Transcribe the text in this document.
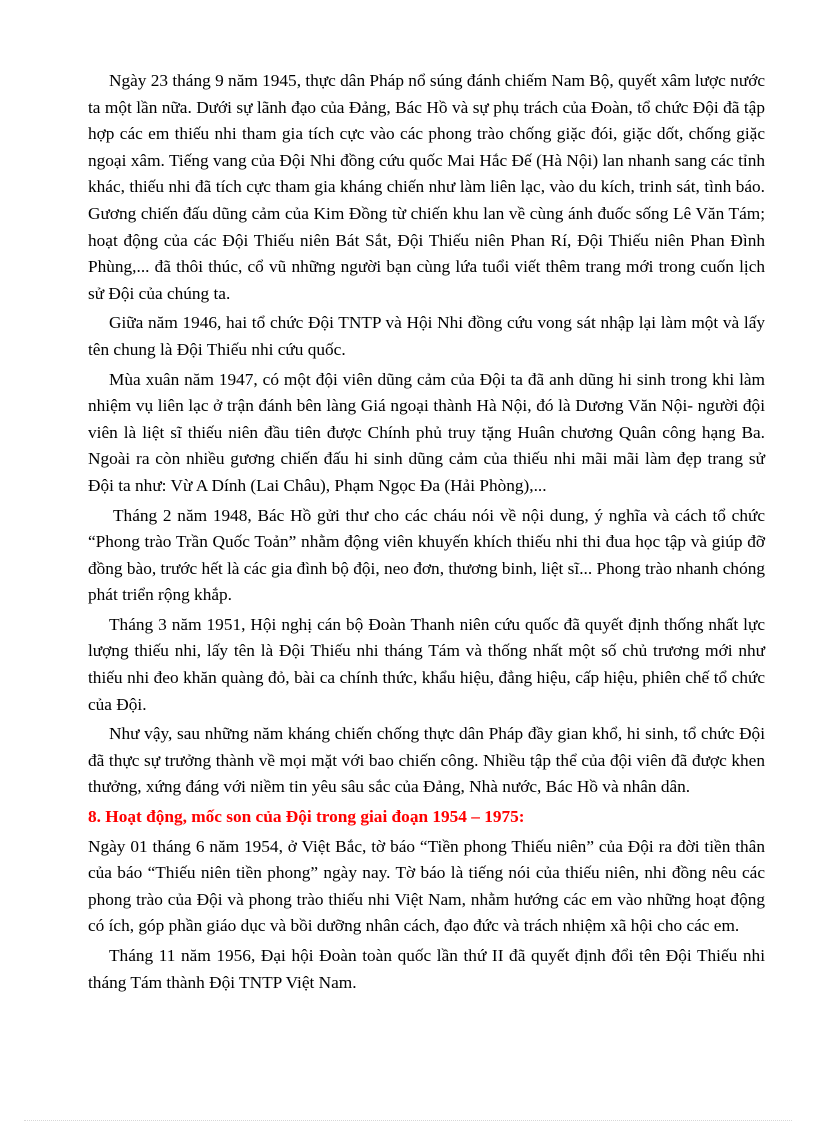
Ngày 23 tháng 9 năm 1945, thực dân Pháp nổ súng đánh chiếm Nam Bộ, quyết xâm lược nước ta một lần nữa. Dưới sự lãnh đạo của Đảng, Bác Hồ và sự phụ trách của Đoàn, tổ chức Đội đã tập hợp các em thiếu nhi tham gia tích cực vào các phong trào chống giặc đói, giặc dốt, chống giặc ngoại xâm. Tiếng vang của Đội Nhi đồng cứu quốc Mai Hắc Đế (Hà Nội) lan nhanh sang các tỉnh khác, thiếu nhi đã tích cực tham gia kháng chiến như làm liên lạc, vào du kích, trinh sát, tình báo. Gương chiến đấu dũng cảm của Kim Đồng từ chiến khu lan về cùng ánh đuốc sống Lê Văn Tám; hoạt động của các Đội Thiếu niên Bát Sắt, Đội Thiếu niên Phan Rí, Đội Thiếu niên Phan Đình Phùng,... đã thôi thúc, cổ vũ những người bạn cùng lứa tuổi viết thêm trang mới trong cuốn lịch sử Đội của chúng ta.

Giữa năm 1946, hai tổ chức Đội TNTP và Hội Nhi đồng cứu vong sát nhập lại làm một và lấy tên chung là Đội Thiếu nhi cứu quốc.

Mùa xuân năm 1947, có một đội viên dũng cảm của Đội ta đã anh dũng hi sinh trong khi làm nhiệm vụ liên lạc ở trận đánh bên làng Giá ngoại thành Hà Nội, đó là Dương Văn Nội- người đội viên là liệt sĩ thiếu niên đầu tiên được Chính phủ truy tặng Huân chương Quân công hạng Ba. Ngoài ra còn nhiều gương chiến đấu hi sinh dũng cảm của thiếu nhi mãi mãi làm đẹp trang sử Đội ta như: Vừ A Dính (Lai Châu), Phạm Ngọc Đa (Hải Phòng),...

Tháng 2 năm 1948, Bác Hồ gửi thư cho các cháu nói về nội dung, ý nghĩa và cách tổ chức “Phong trào Trần Quốc Toản” nhằm động viên khuyến khích thiếu nhi thi đua học tập và giúp đỡ đồng bào, trước hết là các gia đình bộ đội, neo đơn, thương binh, liệt sĩ... Phong trào nhanh chóng phát triển rộng khắp.

Tháng 3 năm 1951, Hội nghị cán bộ Đoàn Thanh niên cứu quốc đã quyết định thống nhất lực lượng thiếu nhi, lấy tên là Đội Thiếu nhi tháng Tám và thống nhất một số chủ trương mới như thiếu nhi đeo khăn quàng đỏ, bài ca chính thức, khẩu hiệu, đẳng hiệu, cấp hiệu, phiên chế tổ chức của Đội.

Như vậy, sau những năm kháng chiến chống thực dân Pháp đầy gian khổ, hi sinh, tổ chức Đội đã thực sự trưởng thành về mọi mặt với bao chiến công. Nhiều tập thể của đội viên đã được khen thưởng, xứng đáng với niềm tin yêu sâu sắc của Đảng, Nhà nước, Bác Hồ và nhân dân.

8. Hoạt động, mốc son của Đội trong giai đoạn 1954 – 1975:

Ngày 01 tháng 6 năm 1954, ở Việt Bắc, tờ báo “Tiền phong Thiếu niên” của Đội ra đời tiền thân của báo “Thiếu niên tiền phong” ngày nay. Tờ báo là tiếng nói của thiếu niên, nhi đồng nêu các phong trào của Đội và phong trào thiếu nhi Việt Nam, nhằm hướng các em vào những hoạt động có ích, góp phần giáo dục và bồi dưỡng nhân cách, đạo đức và trách nhiệm xã hội cho các em.

Tháng 11 năm 1956, Đại hội Đoàn toàn quốc lần thứ II đã quyết định đổi tên Đội Thiếu nhi tháng Tám thành Đội TNTP Việt Nam.
